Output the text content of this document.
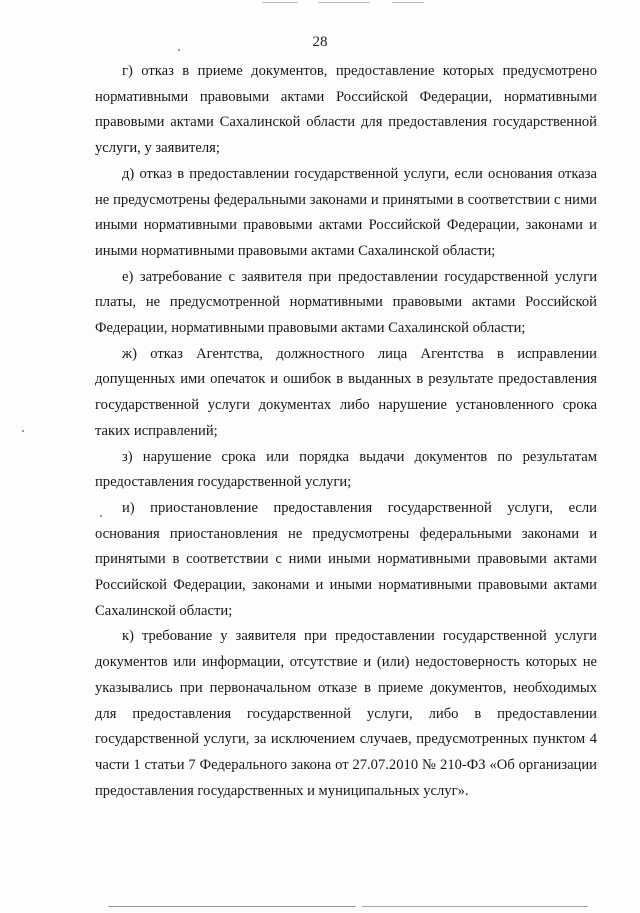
28

г) отказ в приеме документов, предоставление которых предусмотрено нормативными правовыми актами Российской Федерации, нормативными правовыми актами Сахалинской области для предоставления государственной услуги, у заявителя;

д) отказ в предоставлении государственной услуги, если основания отказа не предусмотрены федеральными законами и принятыми в соответствии с ними иными нормативными правовыми актами Российской Федерации, законами и иными нормативными правовыми актами Сахалинской области;

е) затребование с заявителя при предоставлении государственной услуги платы, не предусмотренной нормативными правовыми актами Российской Федерации, нормативными правовыми актами Сахалинской области;

ж) отказ Агентства, должностного лица Агентства в исправлении допущенных ими опечаток и ошибок в выданных в результате предоставления государственной услуги документах либо нарушение установленного срока таких исправлений;

з) нарушение срока или порядка выдачи документов по результатам предоставления государственной услуги;

и) приостановление предоставления государственной услуги, если основания приостановления не предусмотрены федеральными законами и принятыми в соответствии с ними иными нормативными правовыми актами Российской Федерации, законами и иными нормативными правовыми актами Сахалинской области;

к) требование у заявителя при предоставлении государственной услуги документов или информации, отсутствие и (или) недостоверность которых не указывались при первоначальном отказе в приеме документов, необходимых для предоставления государственной услуги, либо в предоставлении государственной услуги, за исключением случаев, предусмотренных пунктом 4 части 1 статьи 7 Федерального закона от 27.07.2010 № 210-ФЗ «Об организации предоставления государственных и муниципальных услуг».
